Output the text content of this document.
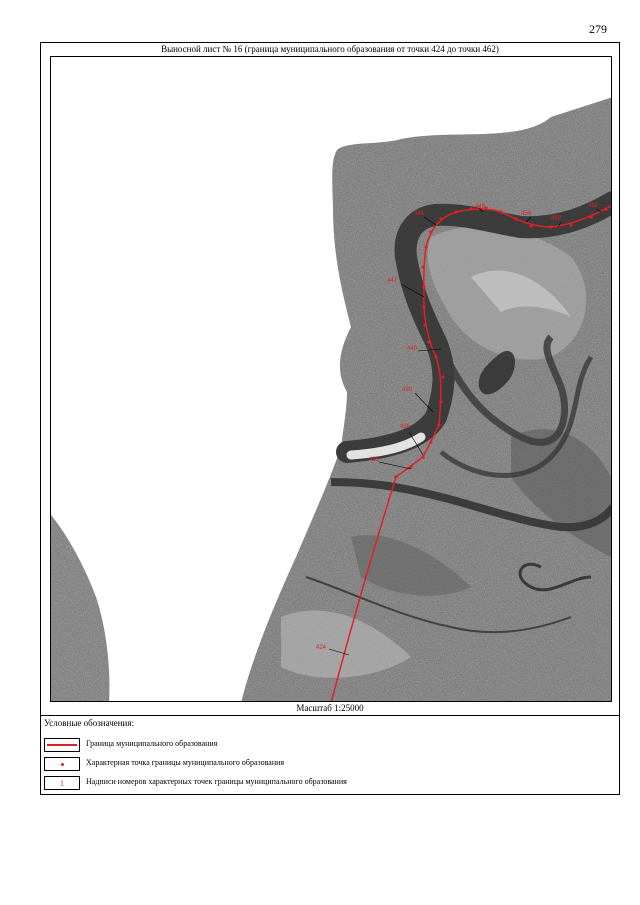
279
Выносной лист № 16 (граница муниципального образования от точки 424 до точки 462)
424
425
426
430
440
447
448
449
454
458
462
Масштаб 1:25000
Условные обозначения:
Граница муниципального образования
Характерная точка границы муниципального образования
1	Надписи номеров характерных точек границы муниципального образования
